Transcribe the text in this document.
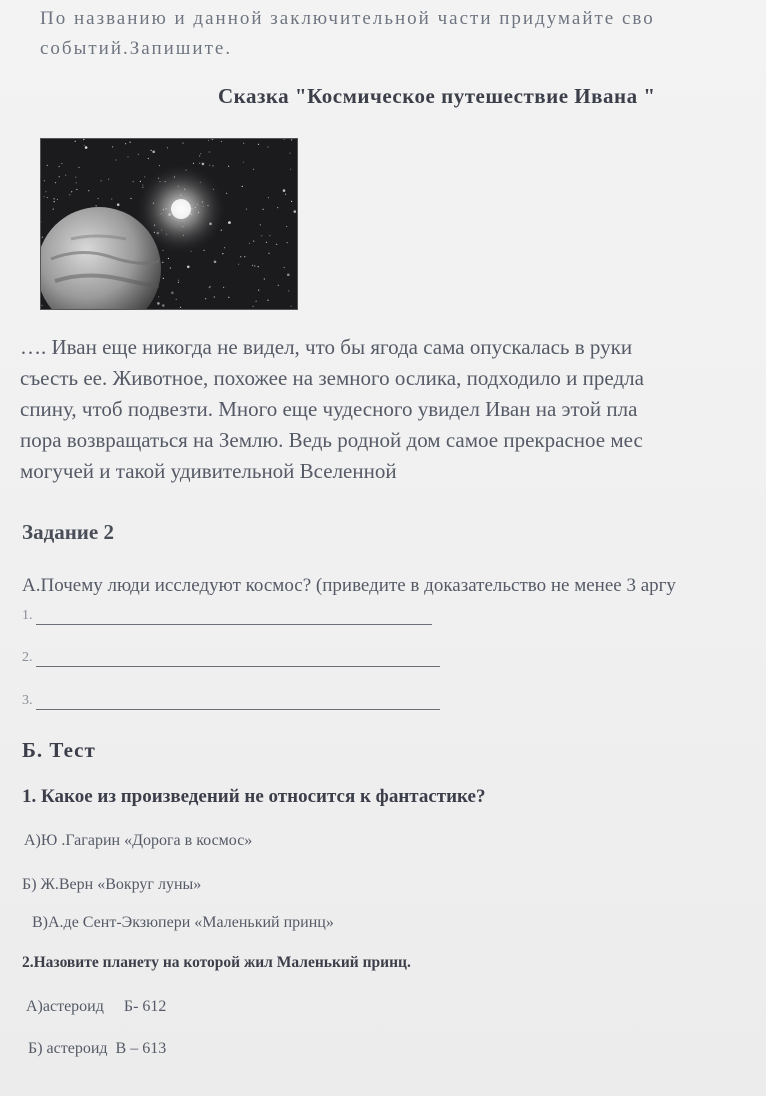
По названию и данной заключительной части придумайте сво
событий.Запишите.
Сказка "Космическое путешествие Ивана "
…. Иван еще никогда не видел, что бы ягода сама опускалась в руки
съесть ее. Животное, похожее на земного ослика, подходило и предла
спину, чтоб подвезти. Много еще чудесного увидел Иван на этой пла
пора возвращаться на Землю. Ведь родной дом самое прекрасное мес
могучей и такой удивительной Вселенной
Задание 2
А.Почему люди исследуют космос? (приведите в доказательство не менее 3 аргу
1.
2.
3.
Б. Тест
1. Какое из произведений не относится к фантастике?
А)Ю .Гагарин «Дорога в космос»
Б) Ж.Верн «Вокруг луны»
В)А.де Сент-Экзюпери «Маленький принц»
2.Назовите планету на которой жил Маленький принц.
А)астероид     Б- 612
Б) астероид  В – 613
